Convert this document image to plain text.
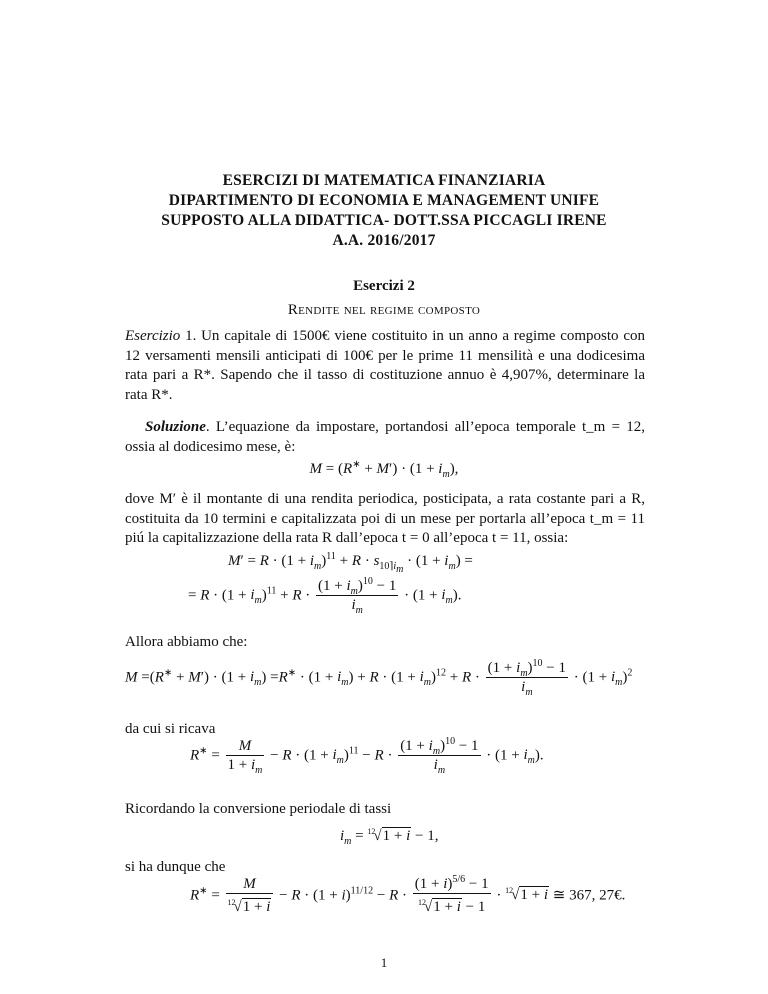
ESERCIZI DI MATEMATICA FINANZIARIA
DIPARTIMENTO DI ECONOMIA E MANAGEMENT UNIFE
SUPPOSTO ALLA DIDATTICA- DOTT.SSA PICCAGLI IRENE
A.A. 2016/2017
Esercizi 2
Rendite nel regime composto
Esercizio 1. Un capitale di 1500€ viene costituito in un anno a regime composto con 12 versamenti mensili anticipati di 100€ per le prime 11 mensilità e una dodicesima rata pari a R*. Sapendo che il tasso di costituzione annuo è 4,907%, determinare la rata R*.
Soluzione. L’equazione da impostare, portandosi all’epoca temporale t_m = 12, ossia al dodicesimo mese, è:
$M = (R^∗ + M') \cdot (1 + i_m)$,
dove M′ è il montante di una rendita periodica, posticipata, a rata costante pari a R, costituita da 10 termini e capitalizzata poi di un mese per portarla all’epoca t_m = 11 piú la capitalizzazione della rata R dall’epoca t = 0 all’epoca t = 11, ossia:
$M' = R \cdot (1 + i_m)^{11} + R \cdot s_{10⌉i_m} \cdot (1 + i_m)$ =
= $R \cdot (1 + i_m)^{11} + R \cdot \frac{(1 + i_m)^{10} - 1}{i_m} \cdot (1 + i_m)$.
Allora abbiamo che:
$M =(R^∗ + M') \cdot (1 + i_m) =R^∗ \cdot (1 + i_m) + R \cdot (1 + i_m)^{12} + R \cdot \frac{(1 + i_m)^{10} - 1}{i_m} \cdot (1 + i_m)^2$
da cui si ricava
$R^∗ = \frac{M}{1 + i_m} - R \cdot (1 + i_m)^{11} - R \cdot \frac{(1 + i_m)^{10} - 1}{i_m} \cdot (1 + i_m)$.
Ricordando la conversione periodale di tassi
$i_m = ^{12}√1 + i - 1$,
si ha dunque che
$R^∗ = \frac{M}{^{12}√1 + i} - R \cdot (1 + i)^{11/12} - R \cdot \frac{(1 + i)^{5/6} - 1}{^{12}√1 + i - 1} \cdot ^{12}√1 + i$ ≅ 367, 27€.
1
